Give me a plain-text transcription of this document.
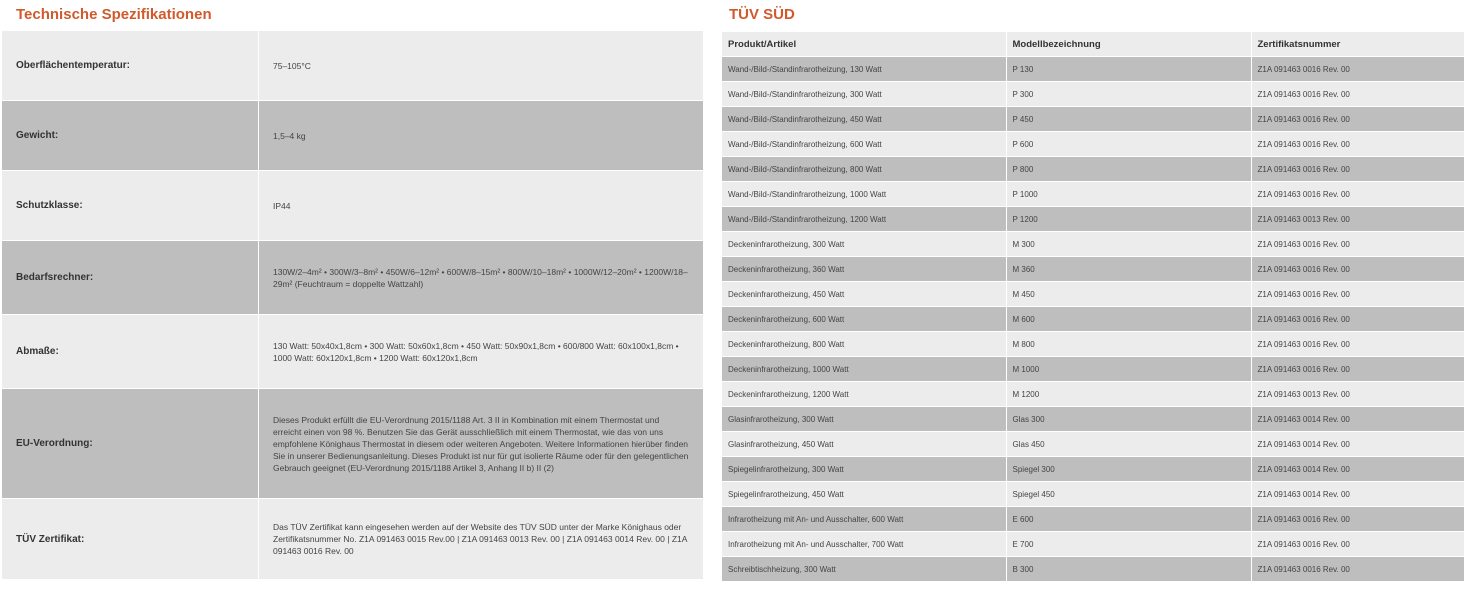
Technische Spezifikationen	TÜV SÜD
Oberflächentemperatur:	75–105°C
Gewicht:	1,5–4 kg
Schutzklasse:	IP44
Bedarfsrechner:
130W/2–4m² • 300W/3–8m² • 450W/6–12m² • 600W/8–15m² • 800W/10–18m² • 1000W/12–20m² • 1200W/18–29m² (Feuchtraum = doppelte Wattzahl)
Abmaße:
130 Watt: 50x40x1,8cm • 300 Watt: 50x60x1,8cm • 450 Watt: 50x90x1,8cm • 600/800 Watt: 60x100x1,8cm • 1000 Watt: 60x120x1,8cm • 1200 Watt: 60x120x1,8cm
EU-Verordnung:
Dieses Produkt erfüllt die EU-Verordnung 2015/1188 Art. 3 II in Kombination mit einem Thermostat und erreicht einen von 98 %. Benutzen Sie das Gerät ausschließlich mit einem Thermostat, wie das von uns empfohlene Könighaus Thermostat in diesem oder weiteren Angeboten. Weitere Informationen hierüber finden Sie in unserer Bedienungsanleitung. Dieses Produkt ist nur für gut isolierte Räume oder für den gelegentlichen Gebrauch geeignet (EU-Verordnung 2015/1188 Artikel 3, Anhang II b) II (2)
TÜV Zertifikat:
Das TÜV Zertifikat kann eingesehen werden auf der Website des TÜV SÜD unter der Marke Könighaus oder Zertifikatsnummer No. Z1A 091463 0015 Rev.00 | Z1A 091463 0013 Rev. 00 | Z1A 091463 0014 Rev. 00 | Z1A 091463 0016 Rev. 00
Produkt/Artikel	Modellbezeichnung	Zertifikatsnummer
Wand-/Bild-/Standinfrarotheizung, 130 Watt	P 130	Z1A 091463 0016 Rev. 00
Wand-/Bild-/Standinfrarotheizung, 300 Watt	P 300	Z1A 091463 0016 Rev. 00
Wand-/Bild-/Standinfrarotheizung, 450 Watt	P 450	Z1A 091463 0016 Rev. 00
Wand-/Bild-/Standinfrarotheizung, 600 Watt	P 600	Z1A 091463 0016 Rev. 00
Wand-/Bild-/Standinfrarotheizung, 800 Watt	P 800	Z1A 091463 0016 Rev. 00
Wand-/Bild-/Standinfrarotheizung, 1000 Watt	P 1000	Z1A 091463 0016 Rev. 00
Wand-/Bild-/Standinfrarotheizung, 1200 Watt	P 1200	Z1A 091463 0013 Rev. 00
Deckeninfrarotheizung, 300 Watt	M 300	Z1A 091463 0016 Rev. 00
Deckeninfrarotheizung, 360 Watt	M 360	Z1A 091463 0016 Rev. 00
Deckeninfrarotheizung, 450 Watt	M 450	Z1A 091463 0016 Rev. 00
Deckeninfrarotheizung, 600 Watt	M 600	Z1A 091463 0016 Rev. 00
Deckeninfrarotheizung, 800 Watt	M 800	Z1A 091463 0016 Rev. 00
Deckeninfrarotheizung, 1000 Watt	M 1000	Z1A 091463 0016 Rev. 00
Deckeninfrarotheizung, 1200 Watt	M 1200	Z1A 091463 0013 Rev. 00
Glasinfrarotheizung, 300 Watt	Glas 300	Z1A 091463 0014 Rev. 00
Glasinfrarotheizung, 450 Watt	Glas 450	Z1A 091463 0014 Rev. 00
Spiegelinfrarotheizung, 300 Watt	Spiegel 300	Z1A 091463 0014 Rev. 00
Spiegelinfrarotheizung, 450 Watt	Spiegel 450	Z1A 091463 0014 Rev. 00
Infrarotheizung mit An- und Ausschalter, 600 Watt	E 600	Z1A 091463 0016 Rev. 00
Infrarotheizung mit An- und Ausschalter, 700 Watt	E 700	Z1A 091463 0016 Rev. 00
Schreibtischheizung, 300 Watt	B 300	Z1A 091463 0016 Rev. 00
